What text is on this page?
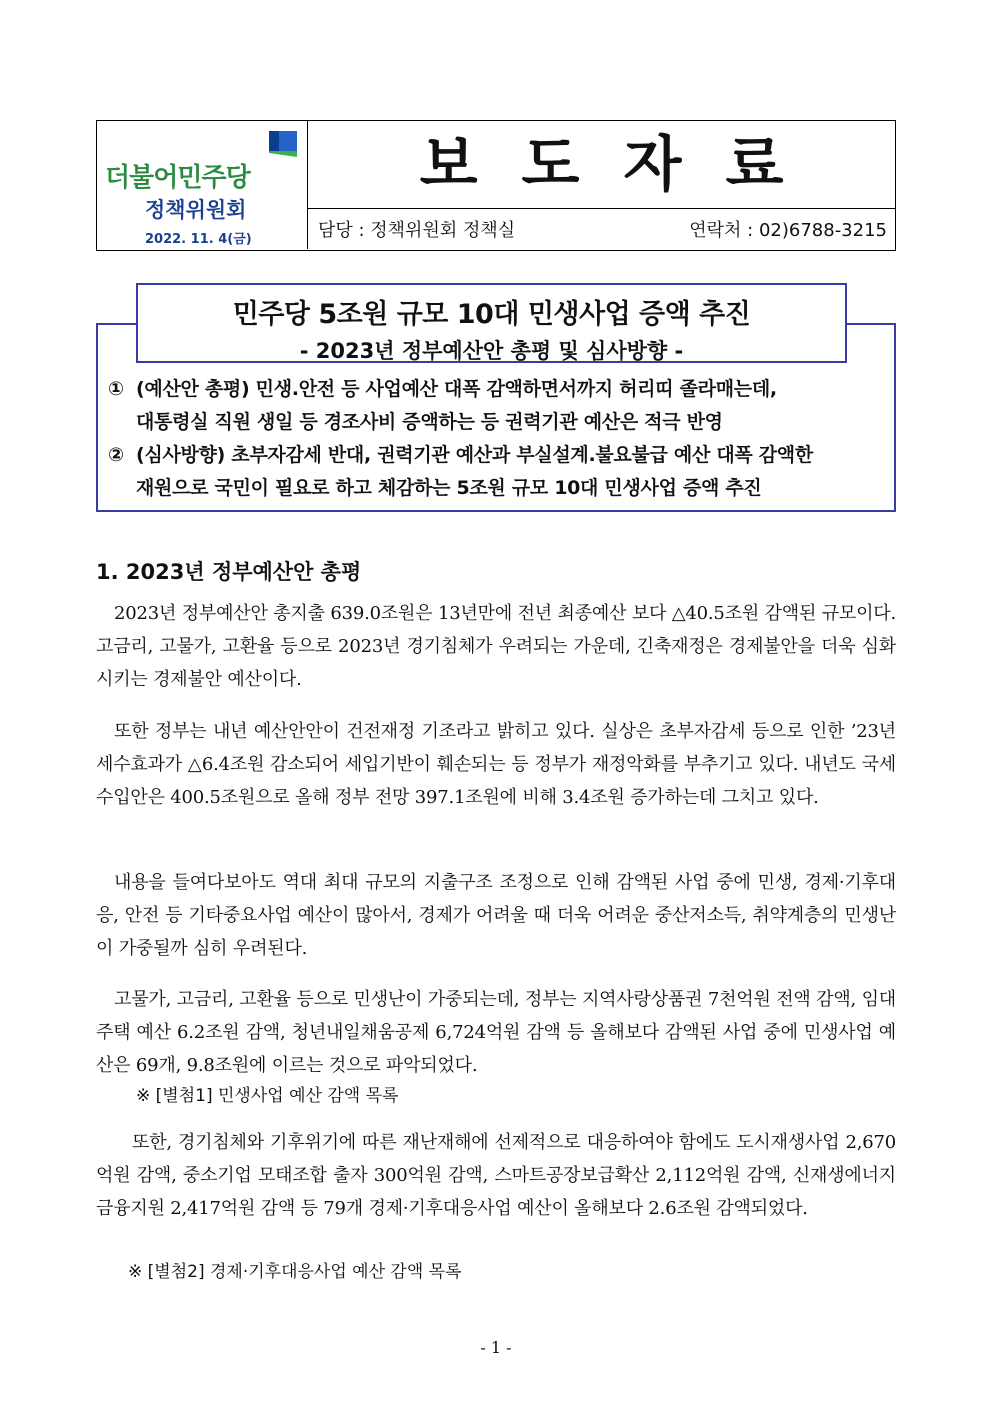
더불어민주당
정책위원회
2022. 11. 4(금)
보도자료
담당 : 정책위원회 정책실	연락처 : 02)6788-3215
① (예산안 총평) 민생.안전 등 사업예산 대폭 감액하면서까지 허리띠 졸라매는데,
대통령실 직원 생일 등 경조사비 증액하는 등 권력기관 예산은 적극 반영
② (심사방향) 초부자감세 반대, 권력기관 예산과 부실설계.불요불급 예산 대폭 감액한
재원으로 국민이 필요로 하고 체감하는 5조원 규모 10대 민생사업 증액 추진
민주당 5조원 규모 10대 민생사업 증액 추진
- 2023년 정부예산안 총평 및 심사방향 -
1. 2023년 정부예산안 총평
2023년 정부예산안 총지출 639.0조원은 13년만에 전년 최종예산 보다 △40.5조원 감액된 규모이다. 고금리, 고물가, 고환율 등으로 2023년 경기침체가 우려되는 가운데, 긴축재정은 경제불안을 더욱 심화시키는 경제불안 예산이다.
또한 정부는 내년 예산안안이 건전재정 기조라고 밝히고 있다. 실상은 초부자감세 등으로 인한 ’23년 세수효과가 △6.4조원 감소되어 세입기반이 훼손되는 등 정부가 재정악화를 부추기고 있다. 내년도 국세수입안은 400.5조원으로 올해 정부 전망 397.1조원에 비해 3.4조원 증가하는데 그치고 있다.
내용을 들여다보아도 역대 최대 규모의 지출구조 조정으로 인해 감액된 사업 중에 민생, 경제·기후대응, 안전 등 기타중요사업 예산이 많아서, 경제가 어려울 때 더욱 어려운 중산저소득, 취약계층의 민생난이 가중될까 심히 우려된다.
고물가, 고금리, 고환율 등으로 민생난이 가중되는데, 정부는 지역사랑상품권 7천억원 전액 감액, 임대주택 예산 6.2조원 감액, 청년내일채움공제 6,724억원 감액 등 올해보다 감액된 사업 중에 민생사업 예산은 69개, 9.8조원에 이르는 것으로 파악되었다.
※ [별첨1] 민생사업 예산 감액 목록
또한, 경기침체와 기후위기에 따른 재난재해에 선제적으로 대응하여야 함에도 도시재생사업 2,670억원 감액, 중소기업 모태조합 출자 300억원 감액, 스마트공장보급확산 2,112억원 감액, 신재생에너지 금융지원 2,417억원 감액 등 79개 경제·기후대응사업 예산이 올해보다 2.6조원 감액되었다.
※ [별첨2] 경제·기후대응사업 예산 감액 목록
- 1 -
